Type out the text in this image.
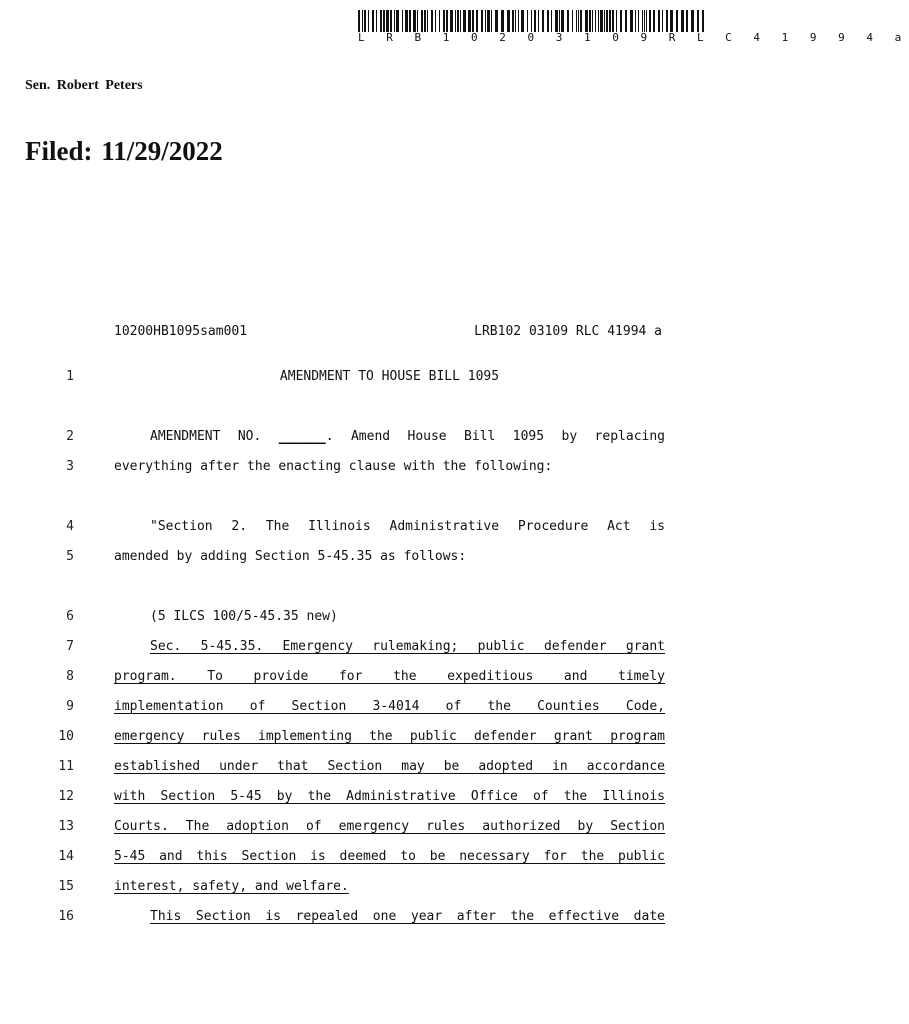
L R B 1 0 2 0 3 1 0 9 R L C 4 1 9 9 4 a
Sen. Robert Peters
Filed: 11/29/2022
10200HB1095sam001	LRB102 03109 RLC 41994 a
1	AMENDMENT TO HOUSE BILL 1095
2	AMENDMENT NO. ______. Amend House Bill 1095 by replacing
3	everything after the enacting clause with the following:
4	"Section 2. The Illinois Administrative Procedure Act is
5	amended by adding Section 5-45.35 as follows:
6	(5 ILCS 100/5-45.35 new)
7	Sec. 5-45.35. Emergency rulemaking; public defender grant
8	program. To provide for the expeditious and timely
9	implementation of Section 3-4014 of the Counties Code,
10	emergency rules implementing the public defender grant program
11	established under that Section may be adopted in accordance
12	with Section 5-45 by the Administrative Office of the Illinois
13	Courts. The adoption of emergency rules authorized by Section
14	5-45 and this Section is deemed to be necessary for the public
15	interest, safety, and welfare.
16	This Section is repealed one year after the effective date
